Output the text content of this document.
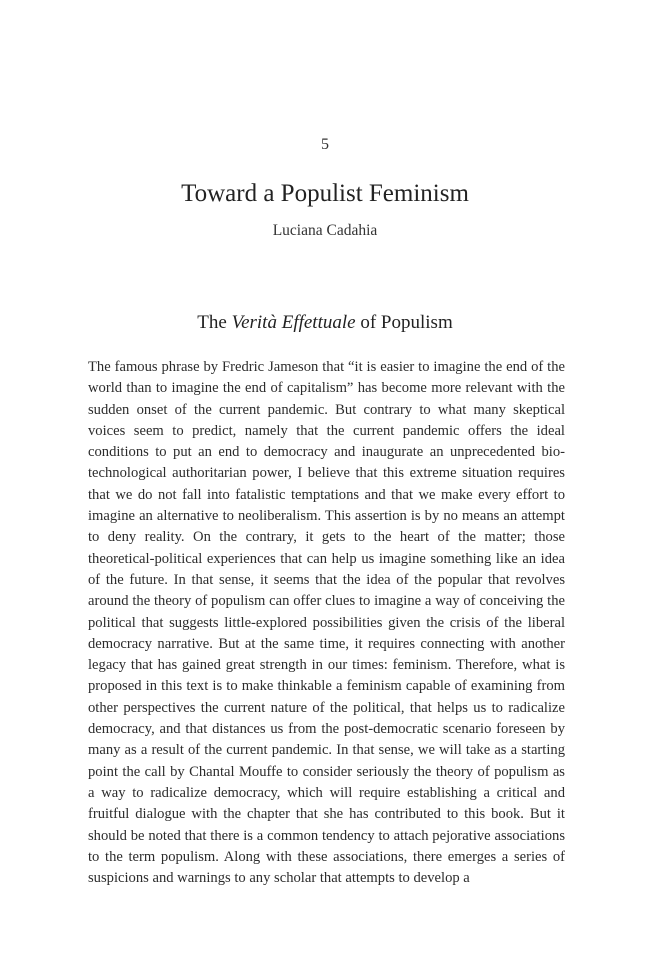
5
Toward a Populist Feminism
Luciana Cadahia
The Verità Effettuale of Populism

The famous phrase by Fredric Jameson that “it is easier to imagine the end of the world than to imagine the end of capitalism” has become more relevant with the sudden onset of the current pandemic. But contrary to what many skeptical voices seem to predict, namely that the current pandemic offers the ideal conditions to put an end to democracy and inaugurate an unprecedented bio-technological authoritarian power, I believe that this extreme situation requires that we do not fall into fatalistic temptations and that we make every effort to imagine an alternative to neoliberalism. This assertion is by no means an attempt to deny reality. On the contrary, it gets to the heart of the matter; those theoretical-political experiences that can help us imagine something like an idea of the future. In that sense, it seems that the idea of the popular that revolves around the theory of populism can offer clues to imagine a way of conceiving the political that suggests little-explored possibilities given the crisis of the liberal democracy narrative. But at the same time, it requires connecting with another legacy that has gained great strength in our times: feminism. Therefore, what is proposed in this text is to make thinkable a feminism capable of examining from other perspectives the current nature of the political, that helps us to radicalize democracy, and that distances us from the post-democratic scenario foreseen by many as a result of the current pandemic. In that sense, we will take as a starting point the call by Chantal Mouffe to consider seriously the theory of populism as a way to radicalize democracy, which will require establishing a critical and fruitful dialogue with the chapter that she has contributed to this book. But it should be noted that there is a common tendency to attach pejorative associations to the term populism. Along with these associations, there emerges a series of suspicions and warnings to any scholar that attempts to develop a
